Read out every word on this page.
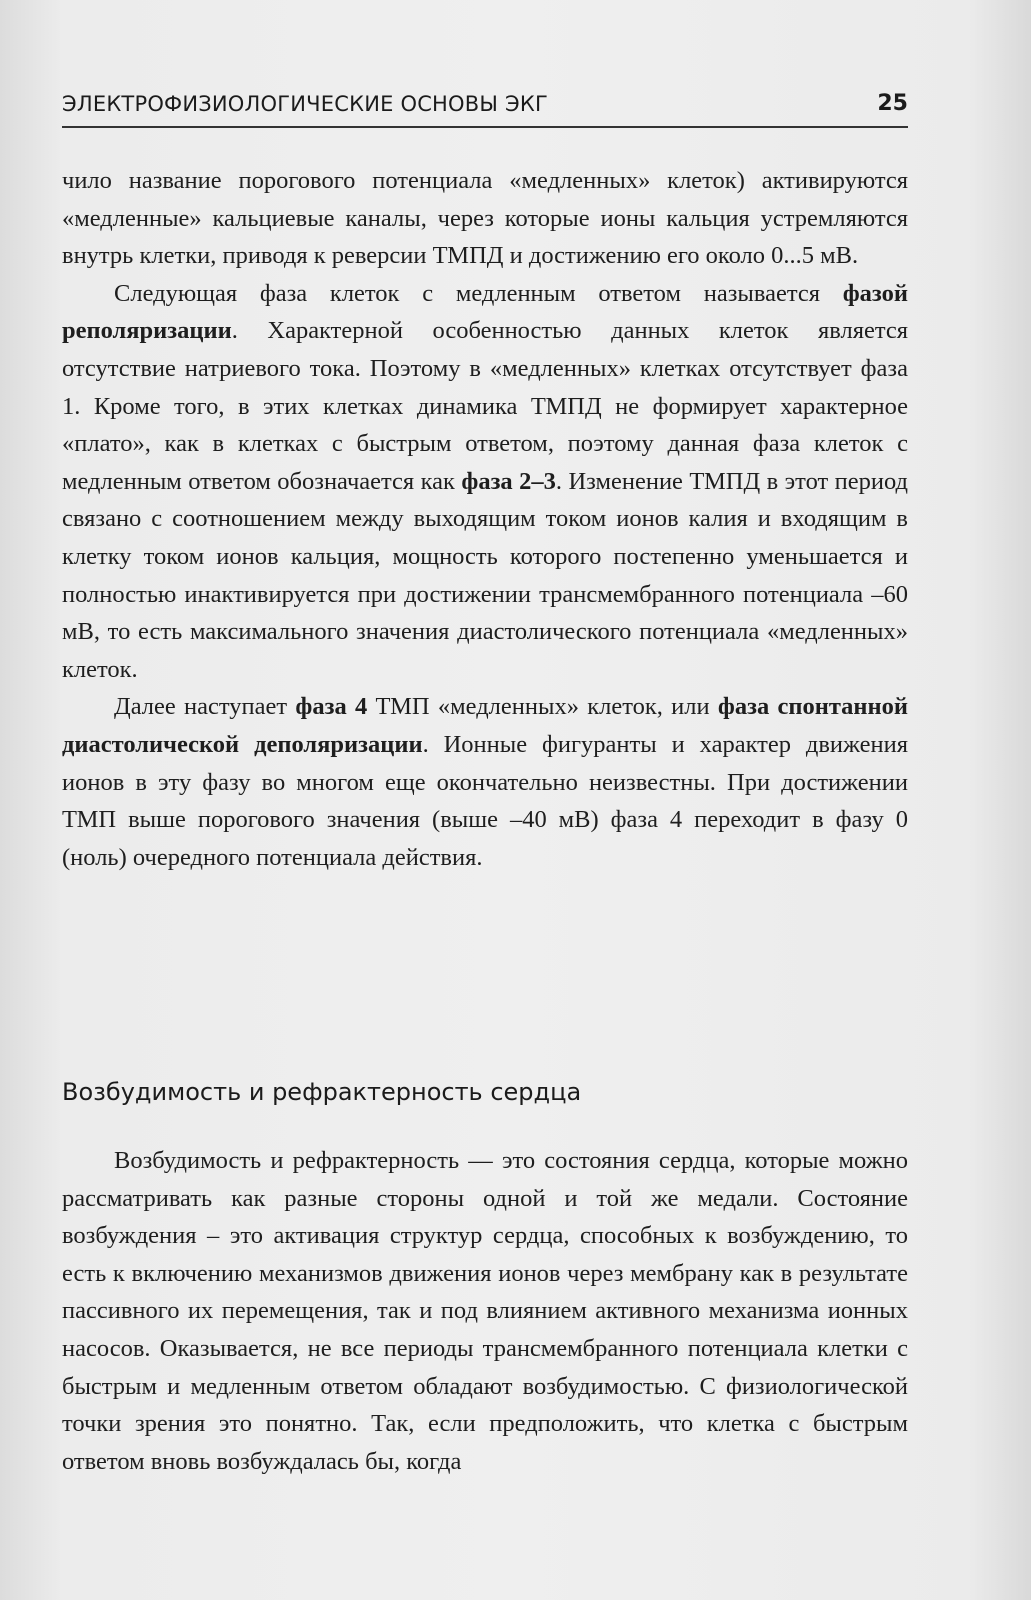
ЭЛЕКТРОФИЗИОЛОГИЧЕСКИЕ ОСНОВЫ ЭКГ	25

чило название порогового потенциала «медленных» клеток) активируются «медленные» кальциевые каналы, через которые ионы кальция устремляются внутрь клетки, приводя к реверсии ТМПД и достижению его около 0...5 мВ.

Следующая фаза клеток с медленным ответом называется фазой реполяризации. Характерной особенностью данных клеток является отсутствие натриевого тока. Поэтому в «медленных» клетках отсутствует фаза 1. Кроме того, в этих клетках динамика ТМПД не формирует характерное «плато», как в клетках с быстрым ответом, поэтому данная фаза клеток с медленным ответом обозначается как фаза 2–3. Изменение ТМПД в этот период связано с соотношением между выходящим током ионов калия и входящим в клетку током ионов кальция, мощность которого постепенно уменьшается и полностью инактивируется при достижении трансмембранного потенциала –60 мВ, то есть максимального значения диастолического потенциала «медленных» клеток.

Далее наступает фаза 4 ТМП «медленных» клеток, или фаза спонтанной диастолической деполяризации. Ионные фигуранты и характер движения ионов в эту фазу во многом еще окончательно неизвестны. При достижении ТМП выше порогового значения (выше –40 мВ) фаза 4 переходит в фазу 0 (ноль) очередного потенциала действия.

Возбудимость и рефрактерность сердца

Возбудимость и рефрактерность — это состояния сердца, которые можно рассматривать как разные стороны одной и той же медали. Состояние возбуждения – это активация структур сердца, способных к возбуждению, то есть к включению механизмов движения ионов через мембрану как в результате пассивного их перемещения, так и под влиянием активного механизма ионных насосов. Оказывается, не все периоды трансмембранного потенциала клетки с быстрым и медленным ответом обладают возбудимостью. С физиологической точки зрения это понятно. Так, если предположить, что клетка с быстрым ответом вновь возбуждалась бы, когда
